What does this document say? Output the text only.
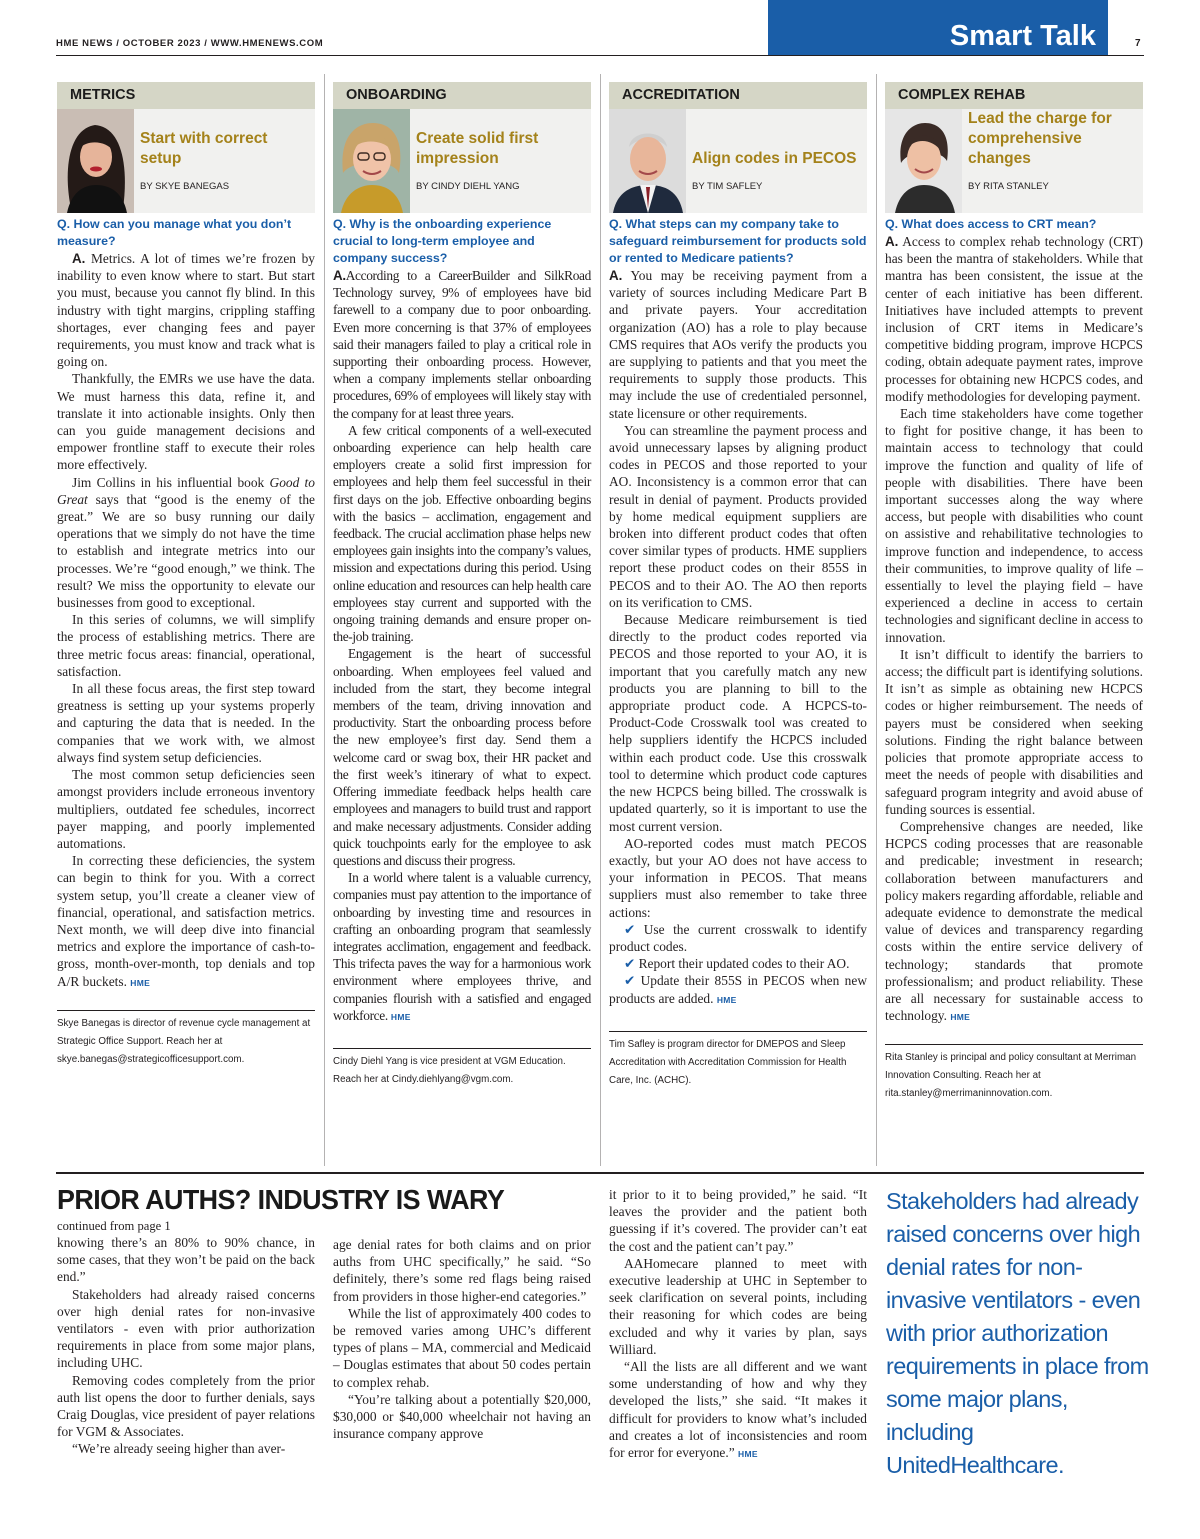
HME NEWS / OCTOBER 2023 / WWW.HMENEWS.COM	Smart Talk	7
METRICS
Start with correct setup
BY SKYE BANEGAS
Q. How can you manage what you don’t measure?

A. Metrics. A lot of times we’re frozen by inability to even know where to start. But start you must, because you cannot fly blind. In this industry with tight margins, crippling staffing shortages, ever changing fees and payer requirements, you must know and track what is going on.

Thankfully, the EMRs we use have the data. We must harness this data, refine it, and translate it into actionable insights. Only then can you guide management decisions and empower frontline staff to execute their roles more effectively.

Jim Collins in his influential book Good to Great says that “good is the enemy of the great.” We are so busy running our daily operations that we simply do not have the time to establish and integrate metrics into our processes. We’re “good enough,” we think. The result? We miss the opportunity to elevate our businesses from good to exceptional.

In this series of columns, we will simplify the process of establishing metrics. There are three metric focus areas: financial, operational, satisfaction.

In all these focus areas, the first step toward greatness is setting up your systems properly and capturing the data that is needed. In the companies that we work with, we almost always find system setup deficiencies.

The most common setup deficiencies seen amongst providers include erroneous inventory multipliers, outdated fee schedules, incorrect payer mapping, and poorly implemented automations.

In correcting these deficiencies, the system can begin to think for you. With a correct system setup, you’ll create a cleaner view of financial, operational, and satisfaction metrics. Next month, we will deep dive into financial metrics and explore the importance of cash-to-gross, month-over-month, top denials and top A/R buckets. HME

Skye Banegas is director of revenue cycle management at Strategic Office Support. Reach her at skye.banegas@strategicofficesupport.com.
ONBOARDING
Create solid first impression
BY CINDY DIEHL YANG
Q. Why is the onboarding experience crucial to long-term employee and company success?

A.According to a CareerBuilder and SilkRoad Technology survey, 9% of employees have bid farewell to a company due to poor onboarding. Even more concerning is that 37% of employees said their managers failed to play a critical role in supporting their onboarding process. However, when a company implements stellar onboarding procedures, 69% of employees will likely stay with the company for at least three years.

A few critical components of a well-executed onboarding experience can help health care employers create a solid first impression for employees and help them feel successful in their first days on the job. Effective onboarding begins with the basics – acclimation, engagement and feedback. The crucial acclimation phase helps new employees gain insights into the company’s values, mission and expectations during this period. Using online education and resources can help health care employees stay current and supported with the ongoing training demands and ensure proper on-the-job training.

Engagement is the heart of successful onboarding. When employees feel valued and included from the start, they become integral members of the team, driving innovation and productivity. Start the onboarding process before the new employee’s first day. Send them a welcome card or swag box, their HR packet and the first week’s itinerary of what to expect. Offering immediate feedback helps health care employees and managers to build trust and rapport and make necessary adjustments. Consider adding quick touchpoints early for the employee to ask questions and discuss their progress.

In a world where talent is a valuable currency, companies must pay attention to the importance of onboarding by investing time and resources in crafting an onboarding program that seamlessly integrates acclimation, engagement and feedback. This trifecta paves the way for a harmonious work environment where employees thrive, and companies flourish with a satisfied and engaged workforce. HME

Cindy Diehl Yang is vice president at VGM Education. Reach her at Cindy.diehlyang@vgm.com.
ACCREDITATION
Align codes in PECOS
BY TIM SAFLEY
Q. What steps can my company take to safeguard reimbursement for products sold or rented to Medicare patients?

A. You may be receiving payment from a variety of sources including Medicare Part B and private payers. Your accreditation organization (AO) has a role to play because CMS requires that AOs verify the products you are supplying to patients and that you meet the requirements to supply those products. This may include the use of credentialed personnel, state licensure or other requirements.

You can streamline the payment process and avoid unnecessary lapses by aligning product codes in PECOS and those reported to your AO. Inconsistency is a common error that can result in denial of payment. Products provided by home medical equipment suppliers are broken into different product codes that often cover similar types of products. HME suppliers report these product codes on their 855S in PECOS and to their AO. The AO then reports on its verification to CMS.

Because Medicare reimbursement is tied directly to the product codes reported via PECOS and those reported to your AO, it is important that you carefully match any new products you are planning to bill to the appropriate product code. A HCPCS-to-Product-Code Crosswalk tool was created to help suppliers identify the HCPCS included within each product code. Use this crosswalk tool to determine which product code captures the new HCPCS being billed. The crosswalk is updated quarterly, so it is important to use the most current version.

AO-reported codes must match PECOS exactly, but your AO does not have access to your information in PECOS. That means suppliers must also remember to take three actions:

✔ Use the current crosswalk to identify product codes.

✔ Report their updated codes to their AO.

✔ Update their 855S in PECOS when new products are added. HME

Tim Safley is program director for DMEPOS and Sleep Accreditation with Accreditation Commission for Health Care, Inc. (ACHC).
COMPLEX REHAB
Lead the charge for comprehensive changes
BY RITA STANLEY
Q. What does access to CRT mean?

A. Access to complex rehab technology (CRT) has been the mantra of stakeholders. While that mantra has been consistent, the issue at the center of each initiative has been different. Initiatives have included attempts to prevent inclusion of CRT items in Medicare’s competitive bidding program, improve HCPCS coding, obtain adequate payment rates, improve processes for obtaining new HCPCS codes, and modify methodologies for developing payment.

Each time stakeholders have come together to fight for positive change, it has been to maintain access to technology that could improve the function and quality of life of people with disabilities. There have been important successes along the way where access, but people with disabilities who count on assistive and rehabilitative technologies to improve function and independence, to access their communities, to improve quality of life – essentially to level the playing field – have experienced a decline in access to certain technologies and significant decline in access to innovation.

It isn’t difficult to identify the barriers to access; the difficult part is identifying solutions. It isn’t as simple as obtaining new HCPCS codes or higher reimbursement. The needs of payers must be considered when seeking solutions. Finding the right balance between policies that promote appropriate access to meet the needs of people with disabilities and safeguard program integrity and avoid abuse of funding sources is essential.

Comprehensive changes are needed, like HCPCS coding processes that are reasonable and predicable; investment in research; collaboration between manufacturers and policy makers regarding affordable, reliable and adequate evidence to demonstrate the medical value of devices and transparency regarding costs within the entire service delivery of technology; standards that promote professionalism; and product reliability. These are all necessary for sustainable access to technology. HME

Rita Stanley is principal and policy consultant at Merriman Innovation Consulting. Reach her at rita.stanley@merrimaninnovation.com.
PRIOR AUTHS? INDUSTRY IS WARY
continued from page 1

knowing there’s an 80% to 90% chance, in some cases, that they won’t be paid on the back end.”

Stakeholders had already raised concerns over high denial rates for non-invasive ventilators - even with prior authorization requirements in place from some major plans, including UHC.

Removing codes completely from the prior auth list opens the door to further denials, says Craig Douglas, vice president of payer relations for VGM & Associates.

“We’re already seeing higher than aver-

age denial rates for both claims and on prior auths from UHC specifically,” he said. “So definitely, there’s some red flags being raised from providers in those higher-end categories.”

While the list of approximately 400 codes to be removed varies among UHC’s different types of plans – MA, commercial and Medicaid – Douglas estimates that about 50 codes pertain to complex rehab.

“You’re talking about a potentially $20,000, $30,000 or $40,000 wheelchair not having an insurance company approve

it prior to it to being provided,” he said. “It leaves the provider and the patient both guessing if it’s covered. The provider can’t eat the cost and the patient can’t pay.”

AAHomecare planned to meet with executive leadership at UHC in September to seek clarification on several points, including their reasoning for which codes are being excluded and why it varies by plan, says Williard.

“All the lists are all different and we want some understanding of how and why they developed the lists,” she said. “It makes it difficult for providers to know what’s included and creates a lot of inconsistencies and room for error for everyone.” HME

Stakeholders had already raised concerns over high denial rates for non-invasive ventilators - even with prior authorization requirements in place from some major plans, including UnitedHealthcare.
